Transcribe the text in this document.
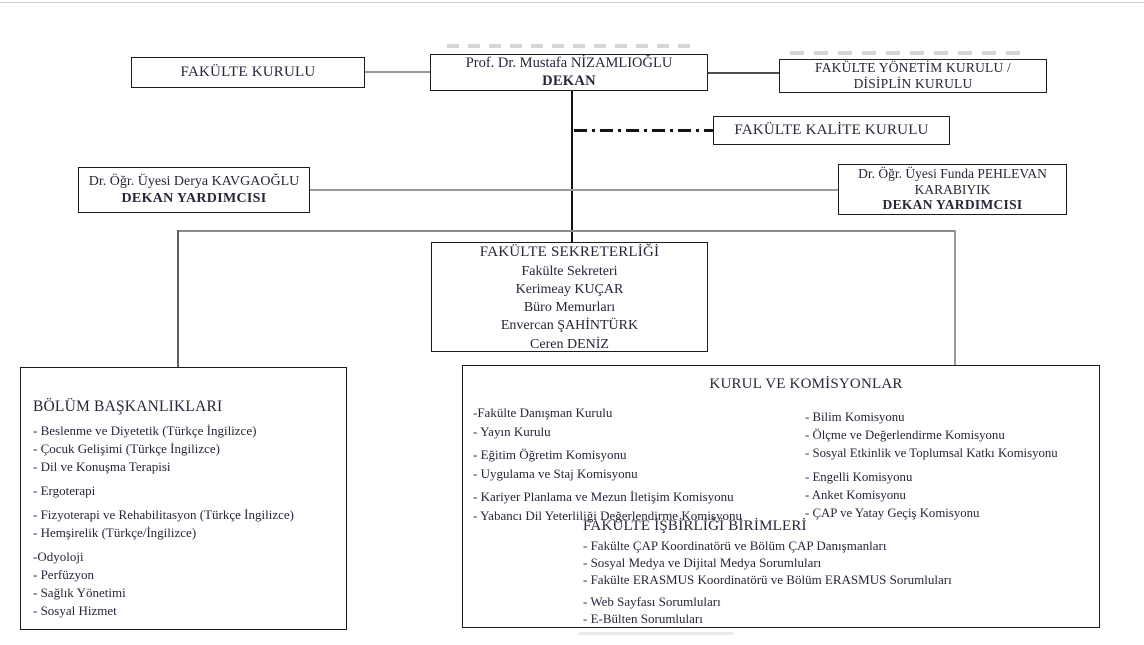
FAKÜLTE KURULU
Prof. Dr. Mustafa NİZAMLIOĞLU
DEKAN
FAKÜLTE YÖNETİM KURULU /
DİSİPLİN KURULU
FAKÜLTE KALİTE KURULU
Dr. Öğr. Üyesi Derya KAVGAOĞLU
DEKAN YARDIMCISI
Dr. Öğr. Üyesi Funda PEHLEVAN
KARABIYIK
DEKAN YARDIMCISI
FAKÜLTE SEKRETERLİĞİ
Fakülte Sekreteri
Kerimeay KUÇAR
Büro Memurları
Envercan ŞAHİNTÜRK
Ceren DENİZ
BÖLÜM BAŞKANLIKLARI
- Beslenme ve Diyetetik (Türkçe İngilizce)
- Çocuk Gelişimi (Türkçe İngilizce)
- Dil ve Konuşma Terapisi
- Ergoterapi
- Fizyoterapi ve Rehabilitasyon (Türkçe İngilizce)
- Hemşirelik (Türkçe/İngilizce)
-Odyoloji
- Perfüzyon
- Sağlık Yönetimi
- Sosyal Hizmet
KURUL VE KOMİSYONLAR
-Fakülte Danışman Kurulu
- Yayın Kurulu
- Eğitim Öğretim Komisyonu
- Uygulama ve Staj Komisyonu
- Kariyer Planlama ve Mezun İletişim Komisyonu
- Yabancı Dil Yeterliliği Değerlendirme Komisyonu
- Bilim Komisyonu
- Ölçme ve Değerlendirme Komisyonu
- Sosyal Etkinlik ve Toplumsal Katkı Komisyonu
- Engelli Komisyonu
- Anket Komisyonu
- ÇAP ve Yatay Geçiş Komisyonu
FAKÜLTE İŞBİRLİĞİ BİRİMLERİ
- Fakülte ÇAP Koordinatörü ve Bölüm ÇAP Danışmanları
- Sosyal Medya ve Dijital Medya Sorumluları
- Fakülte ERASMUS Koordinatörü ve Bölüm ERASMUS Sorumluları
- Web Sayfası Sorumluları
- E-Bülten Sorumluları
